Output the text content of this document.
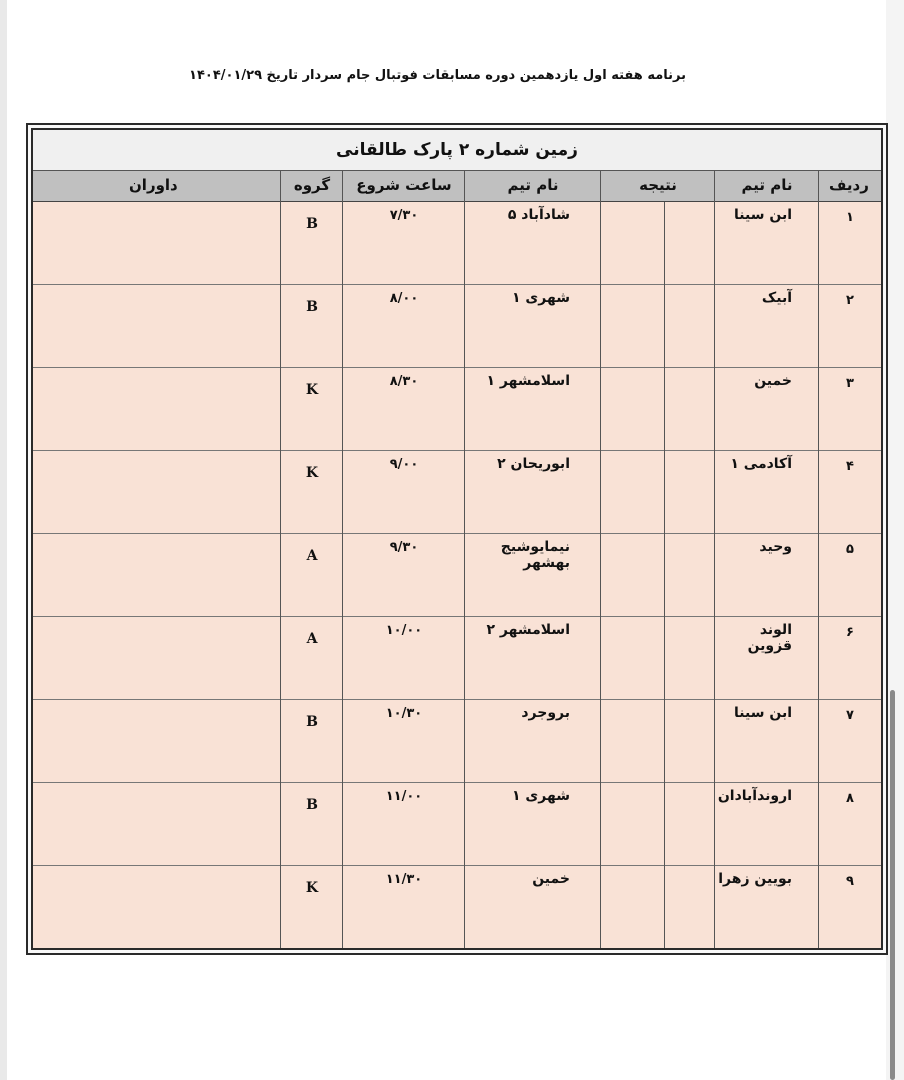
برنامه هفته اول یازدهمین دوره مسابقات فوتبال جام سردار تاریخ ۱۴۰۴/۰۱/۲۹
زمین شماره ۲ پارک طالقانی
ردیف
نام تیم
نتیجه
نام تیم
ساعت شروع
گروه
داوران
۱
ابن سینا
شادآباد ۵
۷/۳۰
B
۲
آبیک
شهری ۱
۸/۰۰
B
۳
خمین
اسلامشهر ۱
۸/۳۰
K
۴
آکادمی ۱
ابوریحان ۲
۹/۰۰
K
۵
وحید
نیمایوشیج بهشهر
۹/۳۰
A
۶
الوند قزوین
اسلامشهر ۲
۱۰/۰۰
A
۷
ابن سینا
بروجرد
۱۰/۳۰
B
۸
اروندآبادان
شهری ۱
۱۱/۰۰
B
۹
بویین زهرا
خمین
۱۱/۳۰
K
